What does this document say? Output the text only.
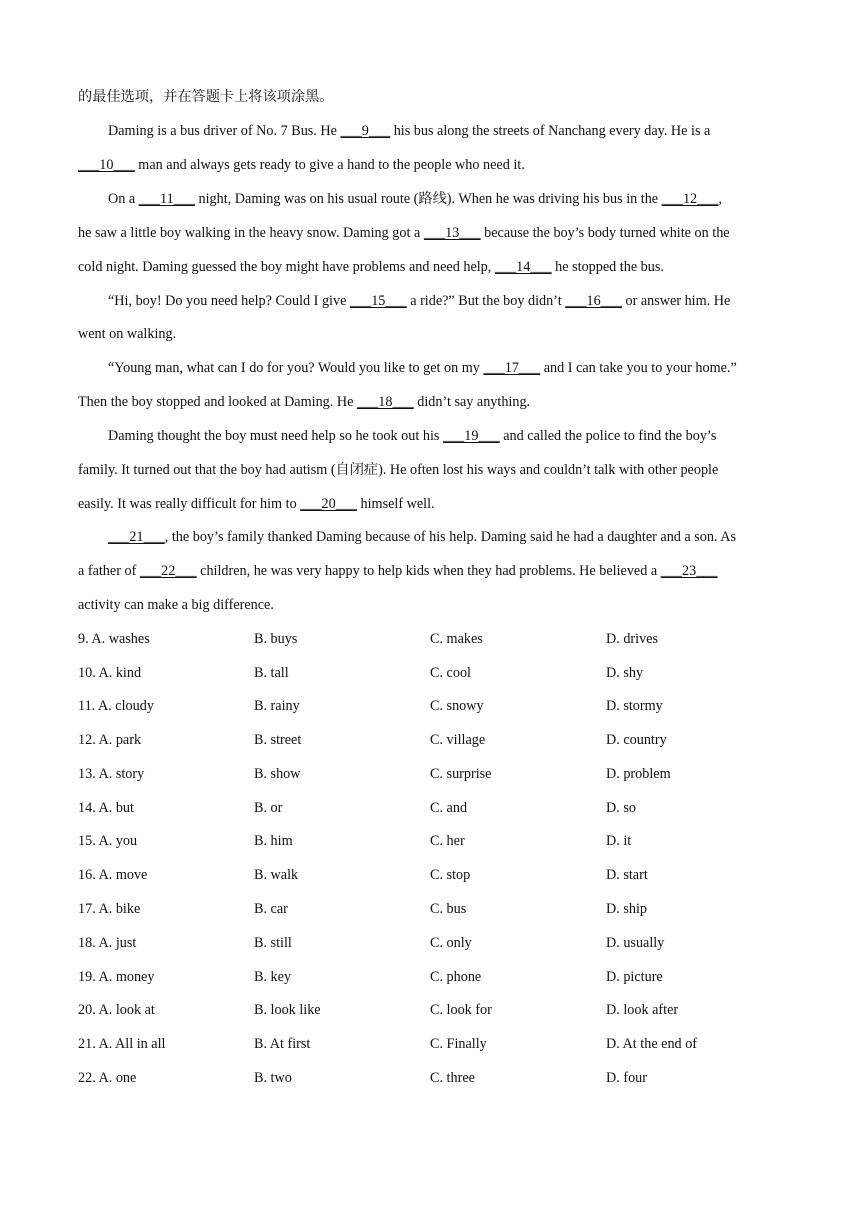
的最佳选项，并在答题卡上将该项涂黑。
Daming is a bus driver of No. 7 Bus. He ___9___ his bus along the streets of Nanchang every day. He is a
___10___ man and always gets ready to give a hand to the people who need it.
On a ___11___ night, Daming was on his usual route (路线). When he was driving his bus in the ___12___,
he saw a little boy walking in the heavy snow. Daming got a ___13___ because the boy’s body turned white on the
cold night. Daming guessed the boy might have problems and need help, ___14___ he stopped the bus.
“Hi, boy! Do you need help? Could I give ___15___ a ride?” But the boy didn’t ___16___ or answer him. He
went on walking.
“Young man, what can I do for you? Would you like to get on my ___17___ and I can take you to your home.”
Then the boy stopped and looked at Daming. He ___18___ didn’t say anything.
Daming thought the boy must need help so he took out his ___19___ and called the police to find the boy’s
family. It turned out that the boy had autism (自闭症). He often lost his ways and couldn’t talk with other people
easily. It was really difficult for him to ___20___ himself well.
___21___, the boy’s family thanked Daming because of his help. Daming said he had a daughter and a son. As
a father of ___22___ children, he was very happy to help kids when they had problems. He believed a ___23___
activity can make a big difference.
9. A. washes	B. buys	C. makes	D. drives
10. A. kind	B. tall	C. cool	D. shy
11. A. cloudy	B. rainy	C. snowy	D. stormy
12. A. park	B. street	C. village	D. country
13. A. story	B. show	C. surprise	D. problem
14. A. but	B. or	C. and	D. so
15. A. you	B. him	C. her	D. it
16. A. move	B. walk	C. stop	D. start
17. A. bike	B. car	C. bus	D. ship
18. A. just	B. still	C. only	D. usually
19. A. money	B. key	C. phone	D. picture
20. A. look at	B. look like	C. look for	D. look after
21. A. All in all	B. At first	C. Finally	D. At the end of
22. A. one	B. two	C. three	D. four
